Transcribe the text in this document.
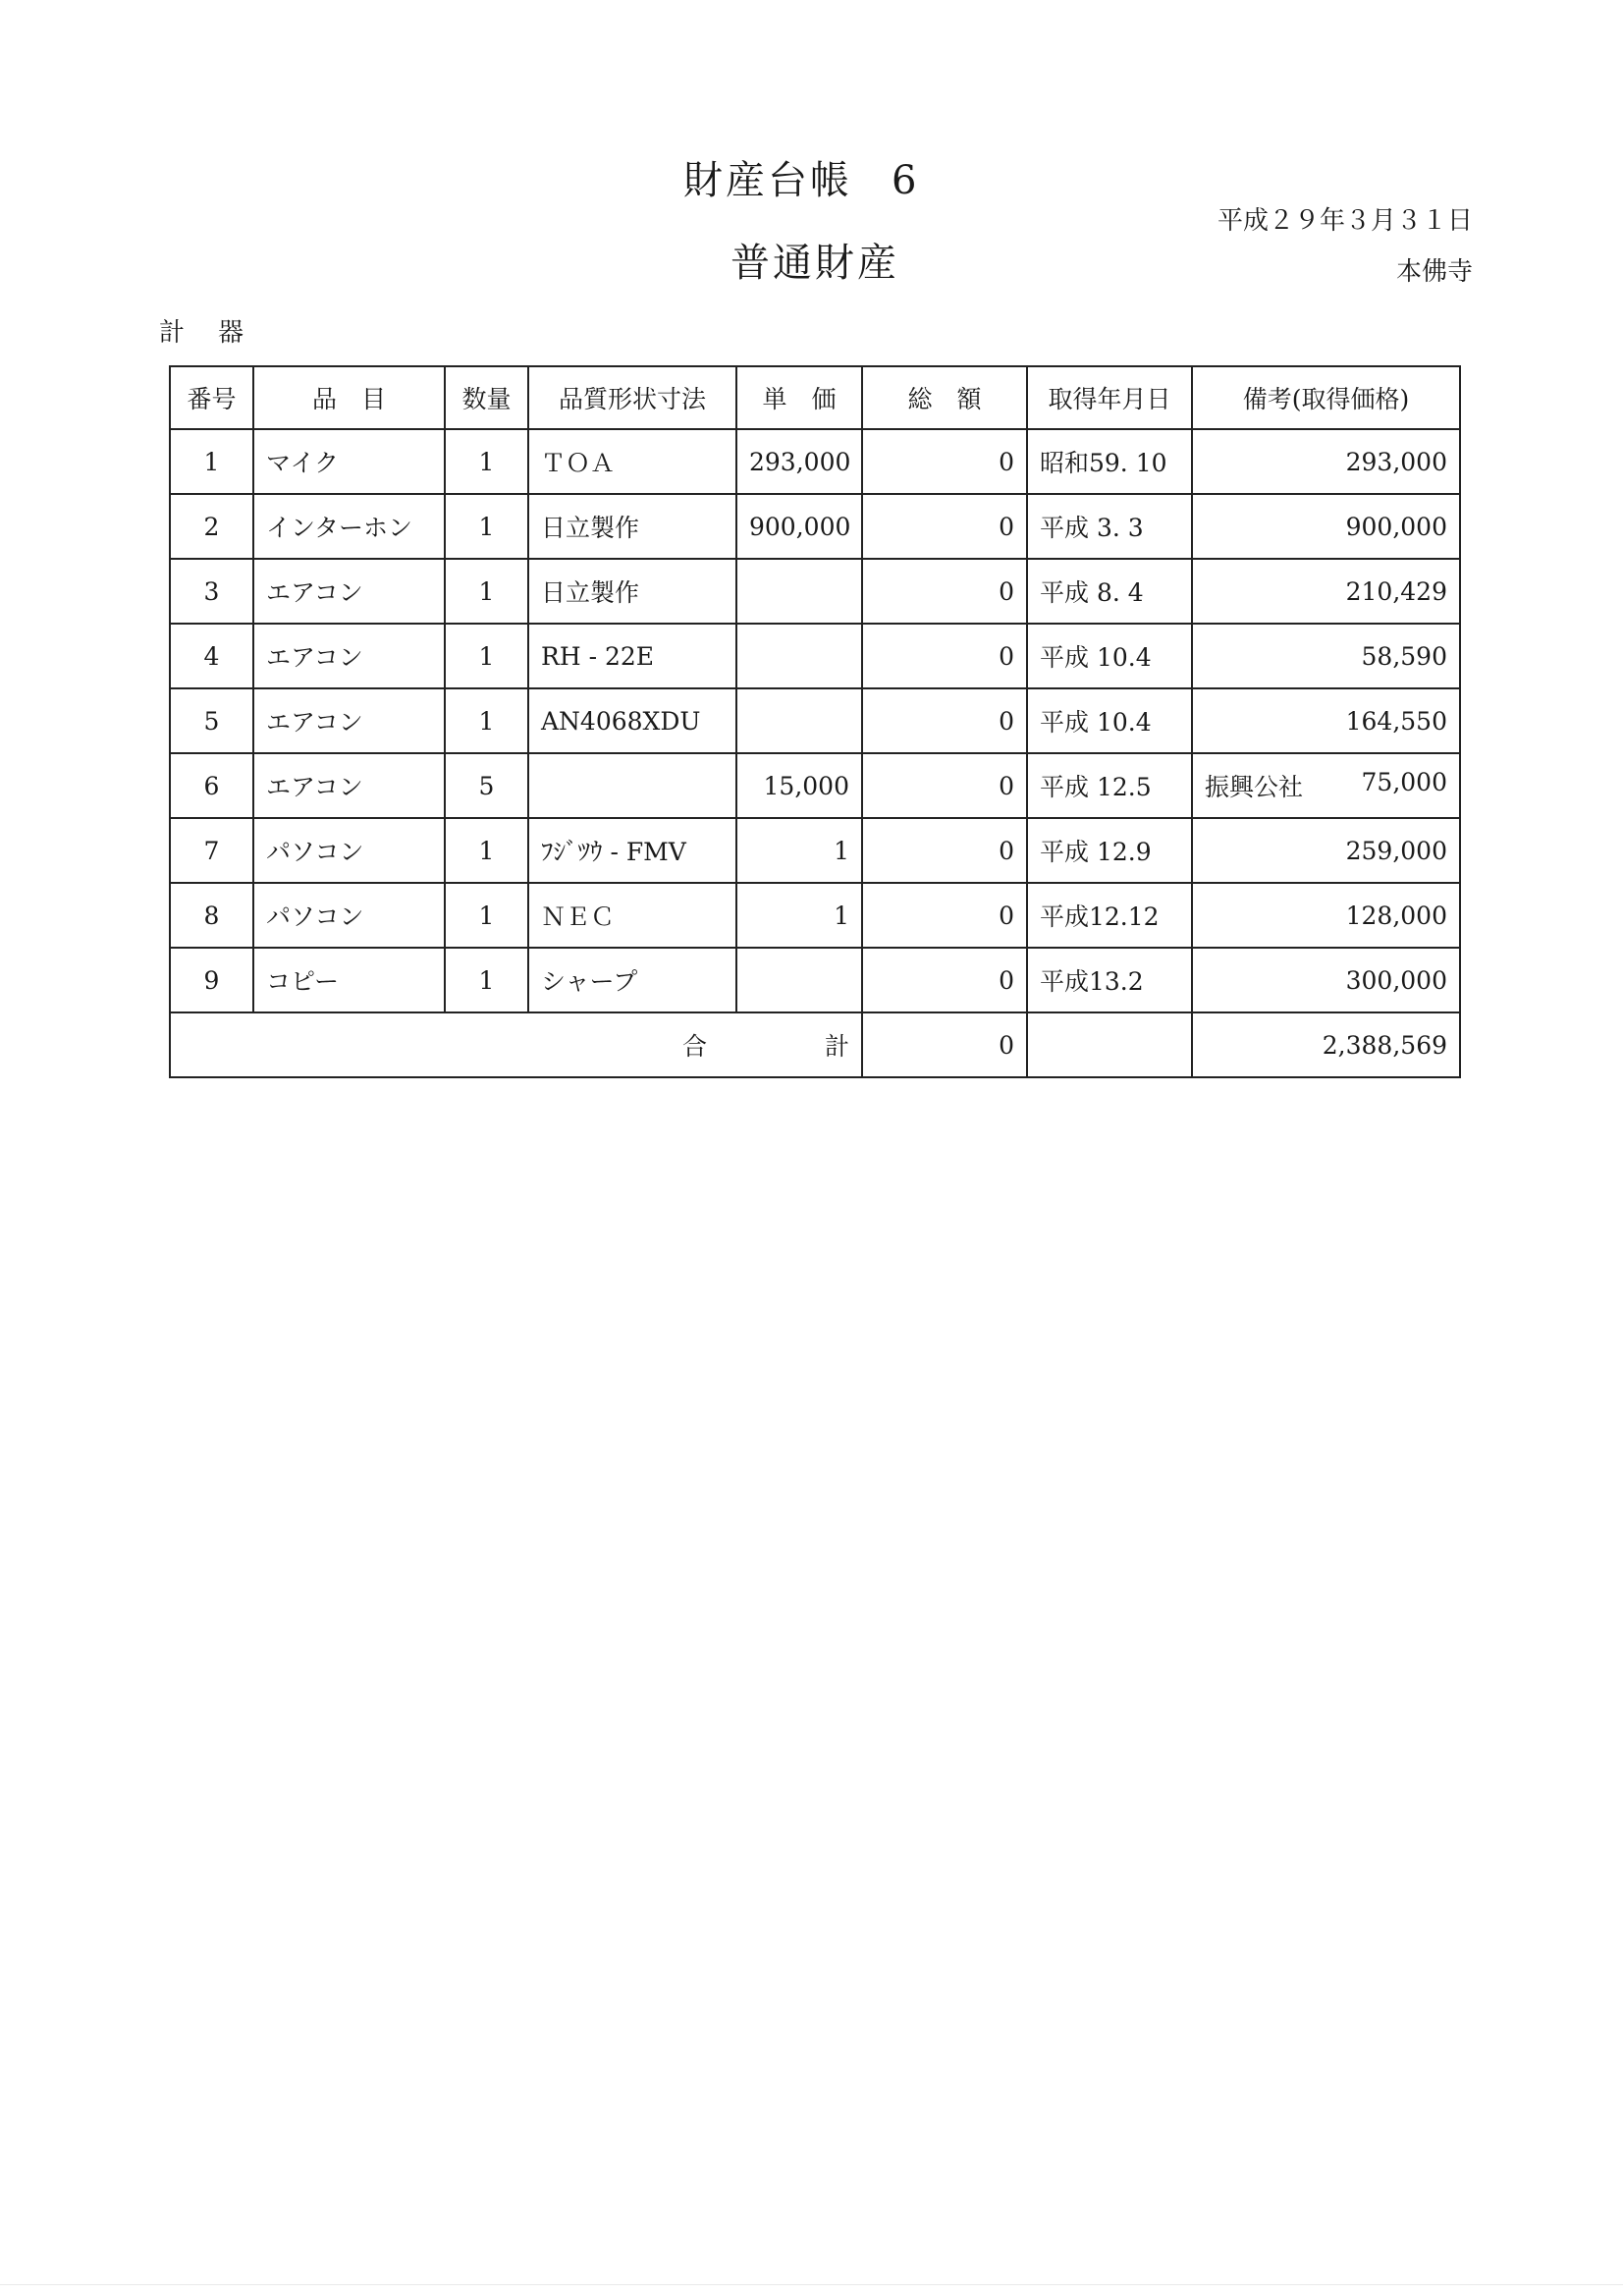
財産台帳 6
普通財産
平成２９年３月３１日
本佛寺
計器
番号	品　目	数量	品質形状寸法	単　価	総　額	取得年月日	備考(取得価格)
1	マイク	1	ＴＯＡ	293,000	0	昭和59. 10	293,000

2	インターホン	1	日立製作	900,000	0	平成 3. 3	900,000

3	エアコン	1	日立製作		0	平成 8. 4	210,429

4	エアコン	1	RH - 22E		0	平成 10.4	58,590

5	エアコン	1	AN4068XDU		0	平成 10.4	164,550

6	エアコン	5		15,000	0	平成 12.5	振興公社 75,000

7	パソコン	1	ﾌｼﾞﾂｳ - FMV	1	0	平成 12.9	259,000

8	パソコン	1	ＮＥＣ	1	0	平成12.12	128,000

9	コピー	1	シャープ		0	平成13.2	300,000

合 計					0		2,388,569
